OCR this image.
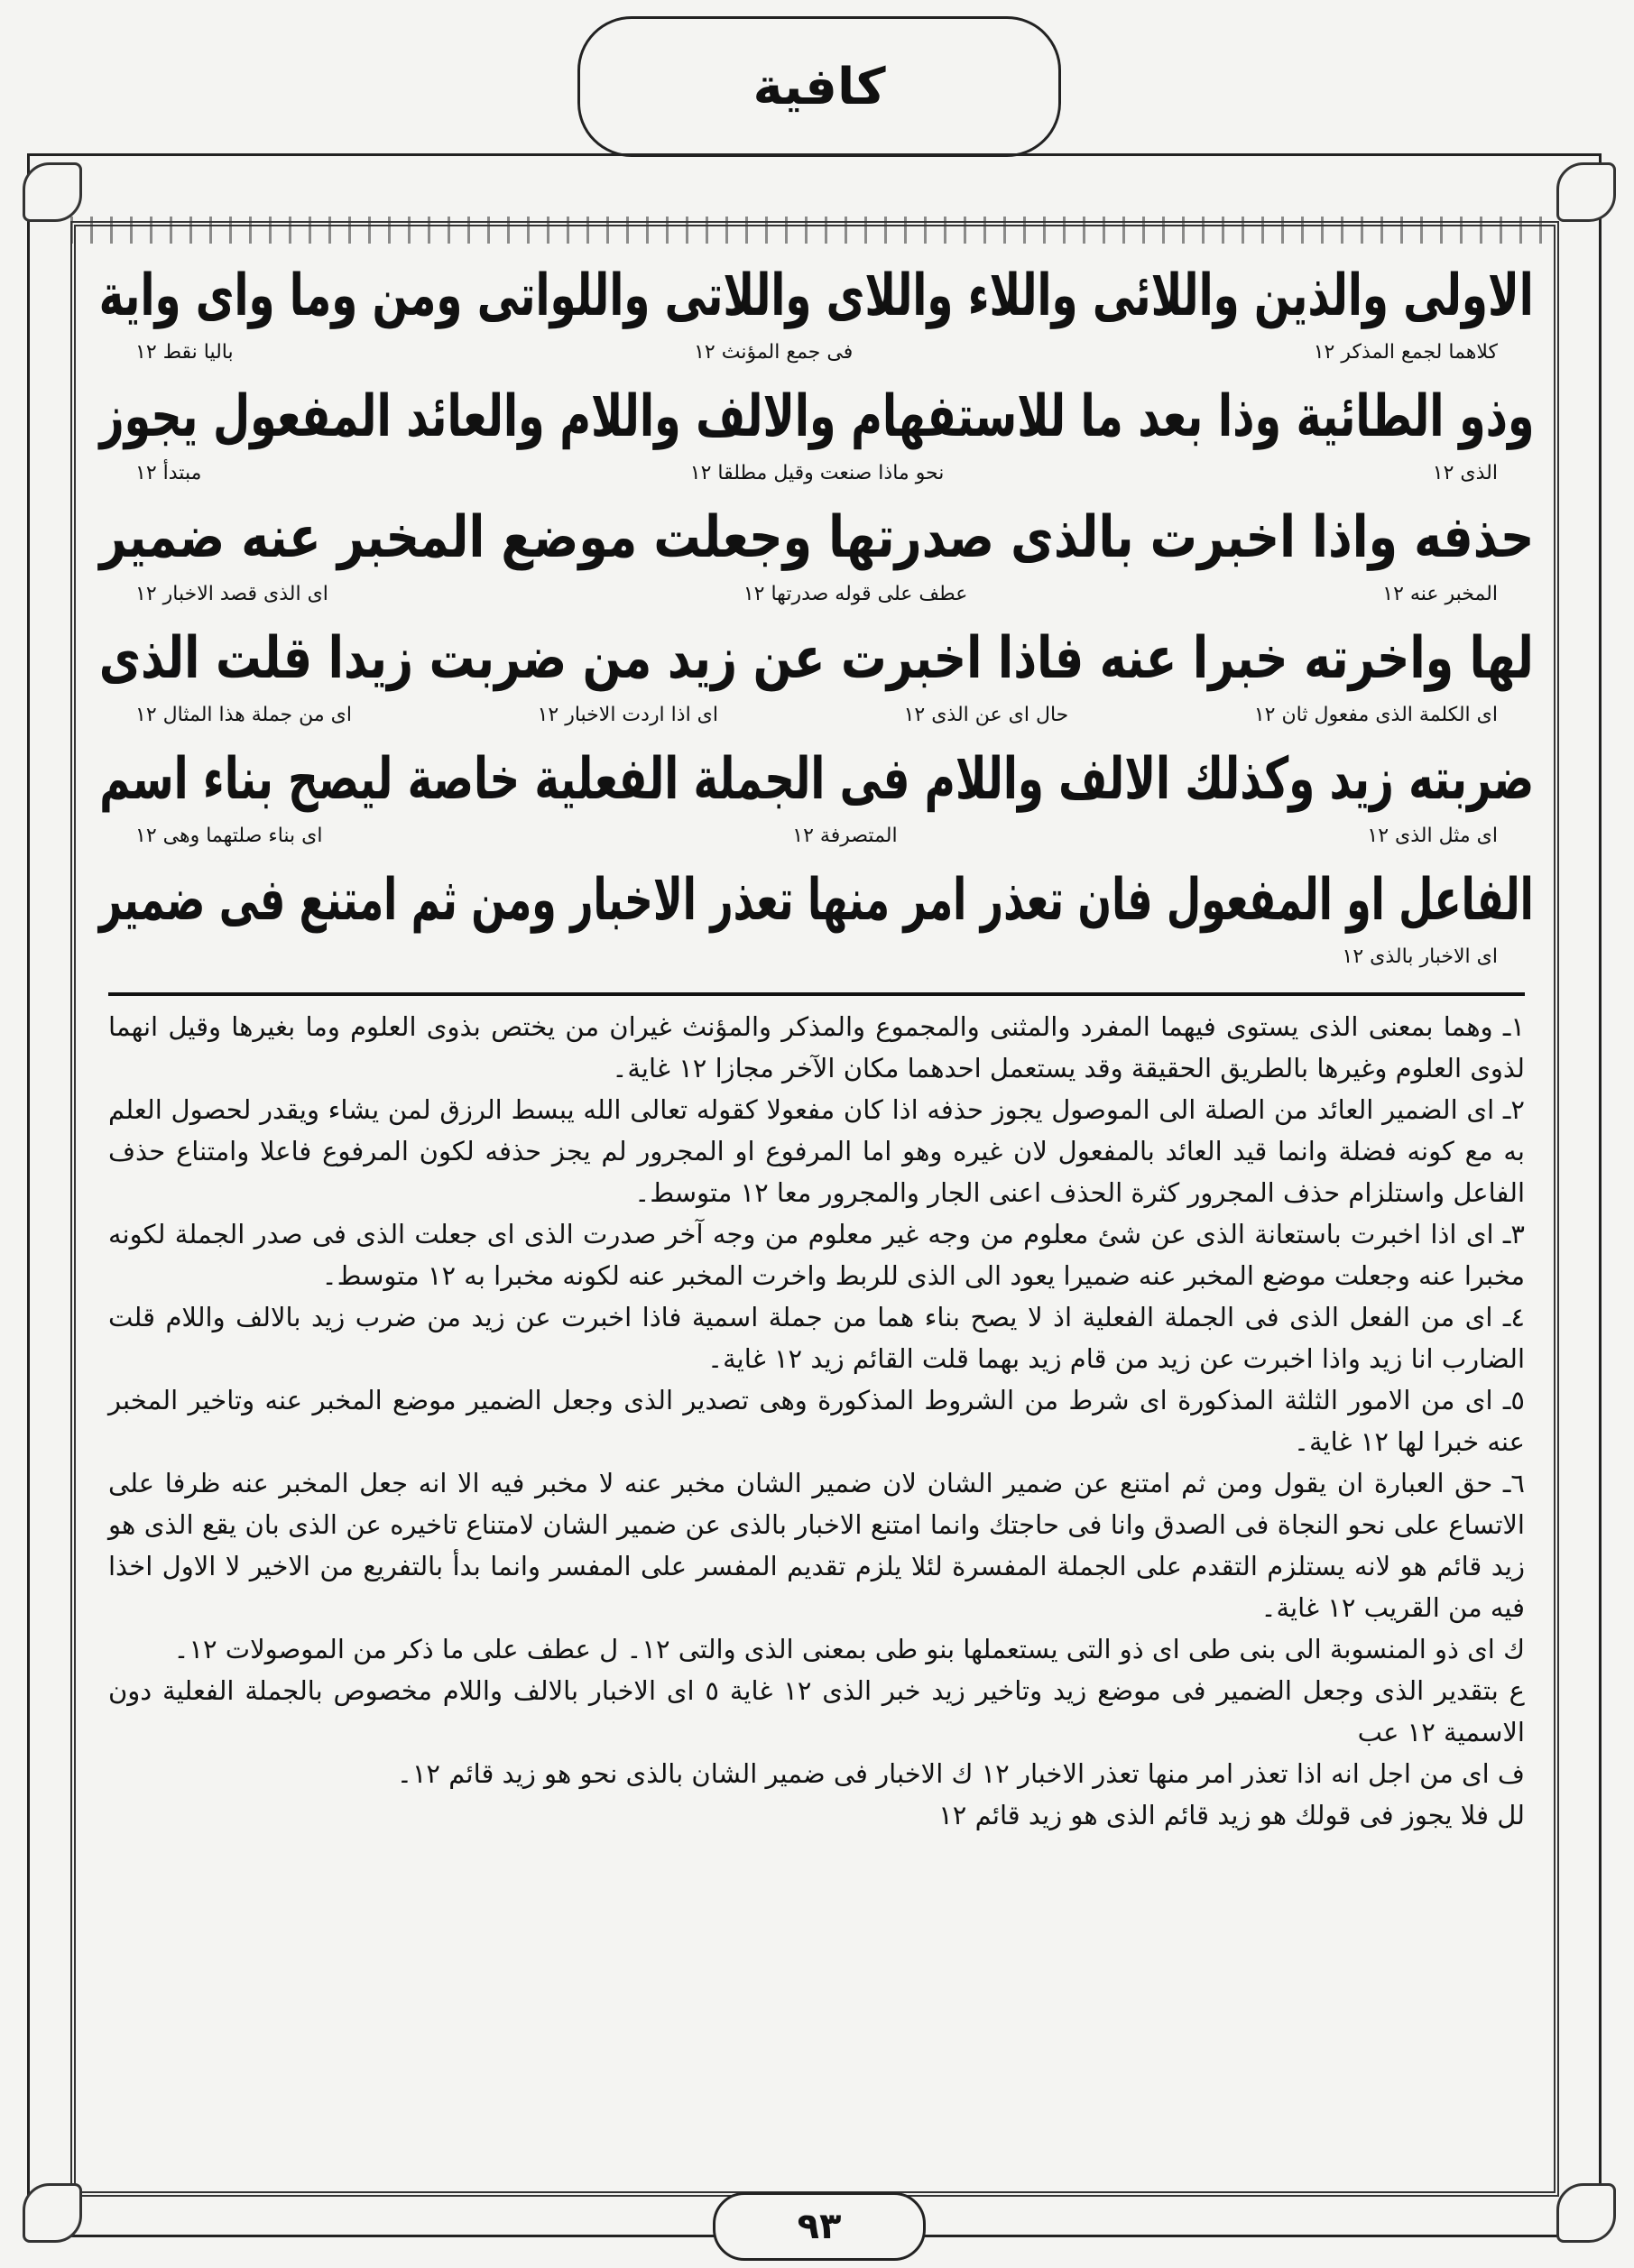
كافية
الاولى والذين واللائى واللاء واللاى واللاتى واللواتى ومن وما واى واية
كلاهما لجمع المذكر ١٢
فى جمع المؤنث ١٢
باليا نقط ١٢
وذو الطائية وذا بعد ما للاستفهام والالف واللام والعائد المفعول يجوز
الذى ١٢
نحو ماذا صنعت وقيل مطلقا ١٢
مبتدأ ١٢
حذفه واذا اخبرت بالذى صدرتها وجعلت موضع المخبر عنه ضمير
المخبر عنه ١٢
عطف على قوله صدرتها ١٢
اى الذى قصد الاخبار ١٢
لها واخرته خبرا عنه فاذا اخبرت عن زيد من ضربت زيدا قلت الذى
اى الكلمة الذى مفعول ثان ١٢
حال اى عن الذى ١٢
اى اذا اردت الاخبار ١٢
اى من جملة هذا المثال ١٢
ضربته زيد وكذلك الالف واللام فى الجملة الفعلية خاصة ليصح بناء اسم
اى مثل الذى ١٢
المتصرفة ١٢
اى بناء صلتهما وهى ١٢
الفاعل او المفعول فان تعذر امر منها تعذر الاخبار ومن ثم امتنع فى ضمير
اى الاخبار بالذى ١٢

١ـ وهما بمعنى الذى يستوى فيهما المفرد والمثنى والمجموع والمذكر والمؤنث غيران من يختص بذوى العلوم وما بغيرها وقيل انهما لذوى العلوم وغيرها بالطريق الحقيقة وقد يستعمل احدهما مكان الآخر مجازا ١٢ غاية۔

٢ـ اى الضمير العائد من الصلة الى الموصول يجوز حذفه اذا كان مفعولا كقوله تعالى الله يبسط الرزق لمن يشاء ويقدر لحصول العلم به مع كونه فضلة وانما قيد العائد بالمفعول لان غيره وهو اما المرفوع او المجرور لم يجز حذفه لكون المرفوع فاعلا وامتناع حذف الفاعل واستلزام حذف المجرور كثرة الحذف اعنى الجار والمجرور معا ١٢ متوسط۔

٣ـ اى اذا اخبرت باستعانة الذى عن شئ معلوم من وجه غير معلوم من وجه آخر صدرت الذى اى جعلت الذى فى صدر الجملة لكونه مخبرا عنه وجعلت موضع المخبر عنه ضميرا يعود الى الذى للربط واخرت المخبر عنه لكونه مخبرا به ١٢ متوسط۔

٤ـ اى من الفعل الذى فى الجملة الفعلية اذ لا يصح بناء هما من جملة اسمية فاذا اخبرت عن زيد من ضرب زيد بالالف واللام قلت الضارب انا زيد واذا اخبرت عن زيد من قام زيد بهما قلت القائم زيد ١٢ غاية۔

٥ـ اى من الامور الثلثة المذكورة اى شرط من الشروط المذكورة وهى تصدير الذى وجعل الضمير موضع المخبر عنه وتاخير المخبر عنه خبرا لها ١٢ غاية۔

٦ـ حق العبارة ان يقول ومن ثم امتنع عن ضمير الشان لان ضمير الشان مخبر عنه لا مخبر فيه الا انه جعل المخبر عنه ظرفا على الاتساع على نحو النجاة فى الصدق وانا فى حاجتك وانما امتنع الاخبار بالذى عن ضمير الشان لامتناع تاخيره عن الذى بان يقع الذى هو زيد قائم هو لانه يستلزم التقدم على الجملة المفسرة لئلا يلزم تقديم المفسر على المفسر وانما بدأ بالتفريع من الاخير لا الاول اخذا فيه من القريب ١٢ غاية۔

ك اى ذو المنسوبة الى بنى طى اى ذو التى يستعملها بنو طى بمعنى الذى والتى ١٢۔ ل عطف على ما ذكر من الموصولات ١٢۔

ع بتقدير الذى وجعل الضمير فى موضع زيد وتاخير زيد خبر الذى ١٢ غاية ٥ اى الاخبار بالالف واللام مخصوص بالجملة الفعلية دون الاسمية ١٢ عب

ف اى من اجل انه اذا تعذر امر منها تعذر الاخبار ١٢ ك الاخبار فى ضمير الشان بالذى نحو هو زيد قائم ١٢۔

لل فلا يجوز فى قولك هو زيد قائم الذى هو زيد قائم ١٢

٩٣
